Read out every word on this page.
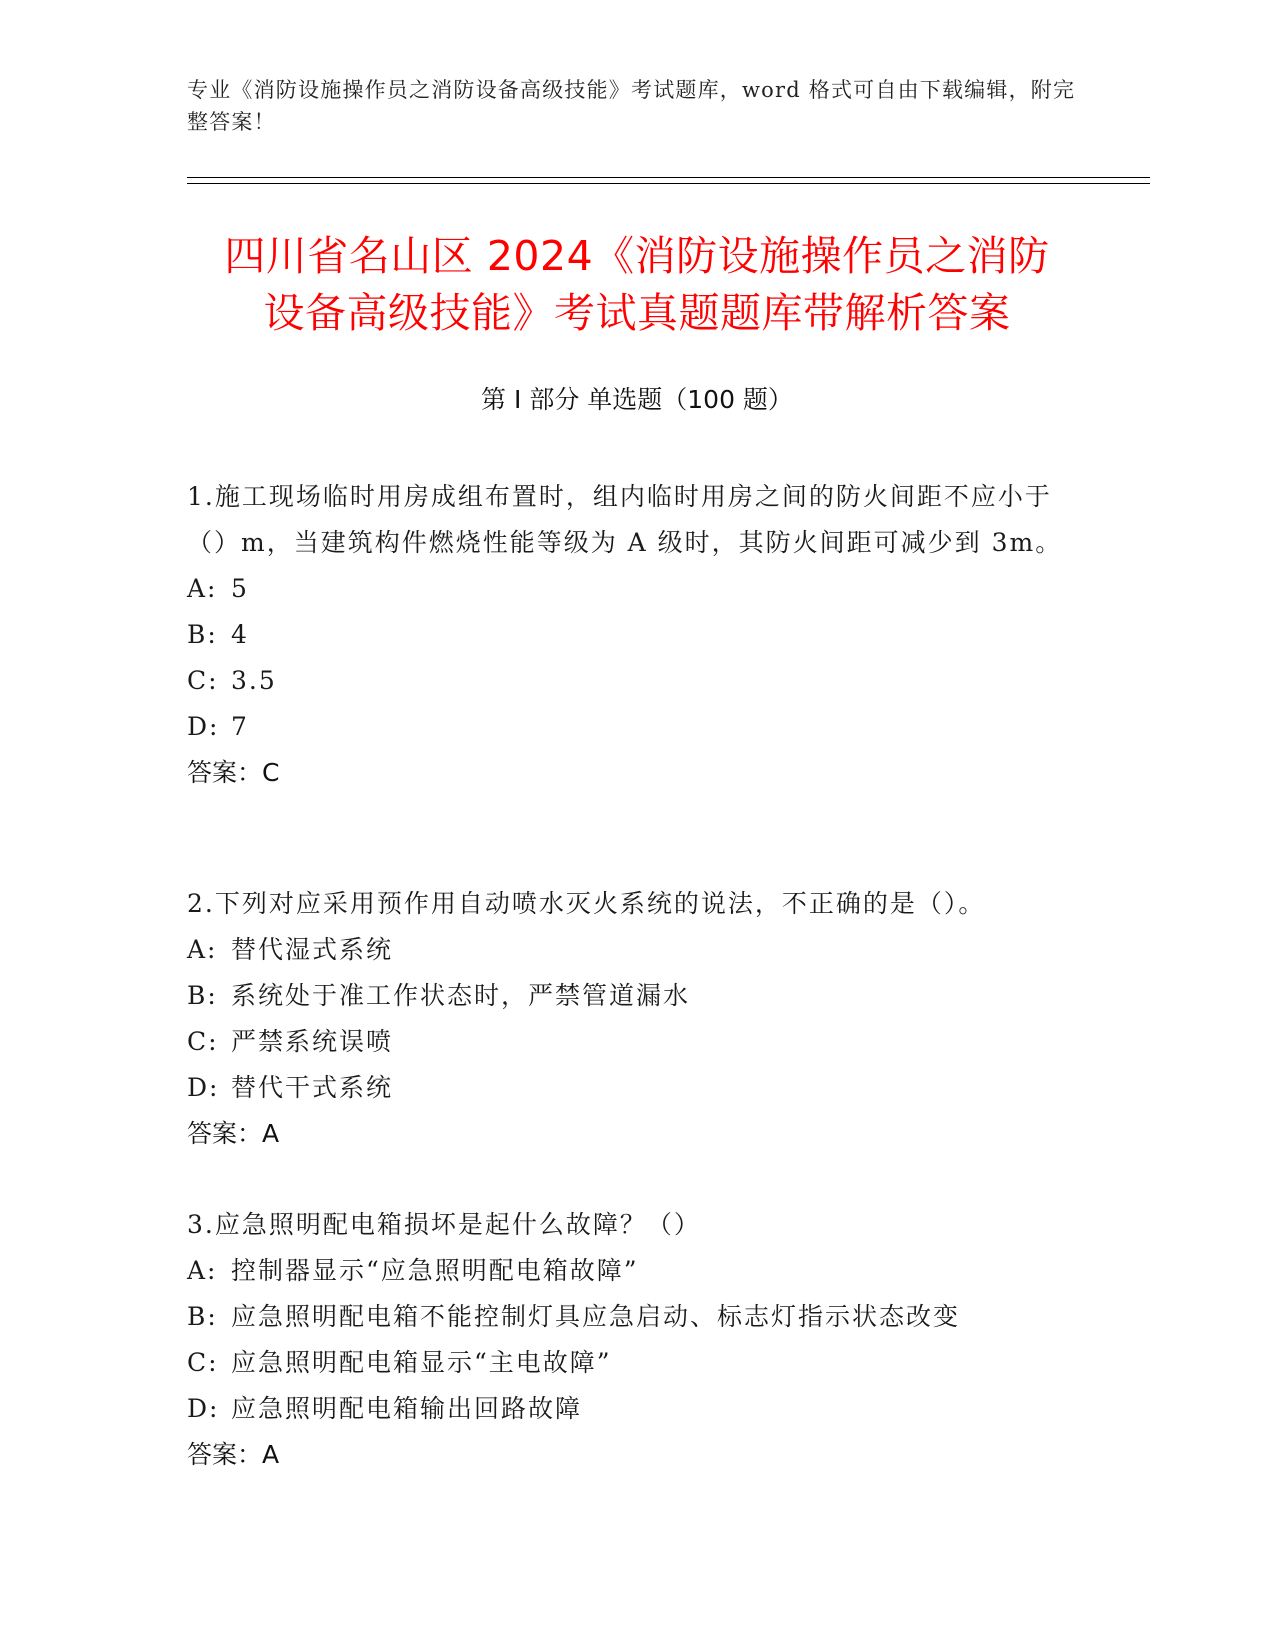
专业《消防设施操作员之消防设备高级技能》考试题库，word 格式可自由下载编辑，附完整答案！
四川省名山区 2024《消防设施操作员之消防
设备高级技能》考试真题题库带解析答案
第 I 部分 单选题（100 题）
1.施工现场临时用房成组布置时，组内临时用房之间的防火间距不应小于（）m，当建筑构件燃烧性能等级为 A 级时，其防火间距可减少到 3m。
A: 5
B: 4
C: 3.5
D: 7
答案：C
2.下列对应采用预作用自动喷水灭火系统的说法，不正确的是（）。
A: 替代湿式系统
B: 系统处于准工作状态时，严禁管道漏水
C: 严禁系统误喷
D: 替代干式系统
答案：A
3.应急照明配电箱损坏是起什么故障？（）
A: 控制器显示“应急照明配电箱故障”
B: 应急照明配电箱不能控制灯具应急启动、标志灯指示状态改变
C: 应急照明配电箱显示“主电故障”
D: 应急照明配电箱输出回路故障
答案：A
